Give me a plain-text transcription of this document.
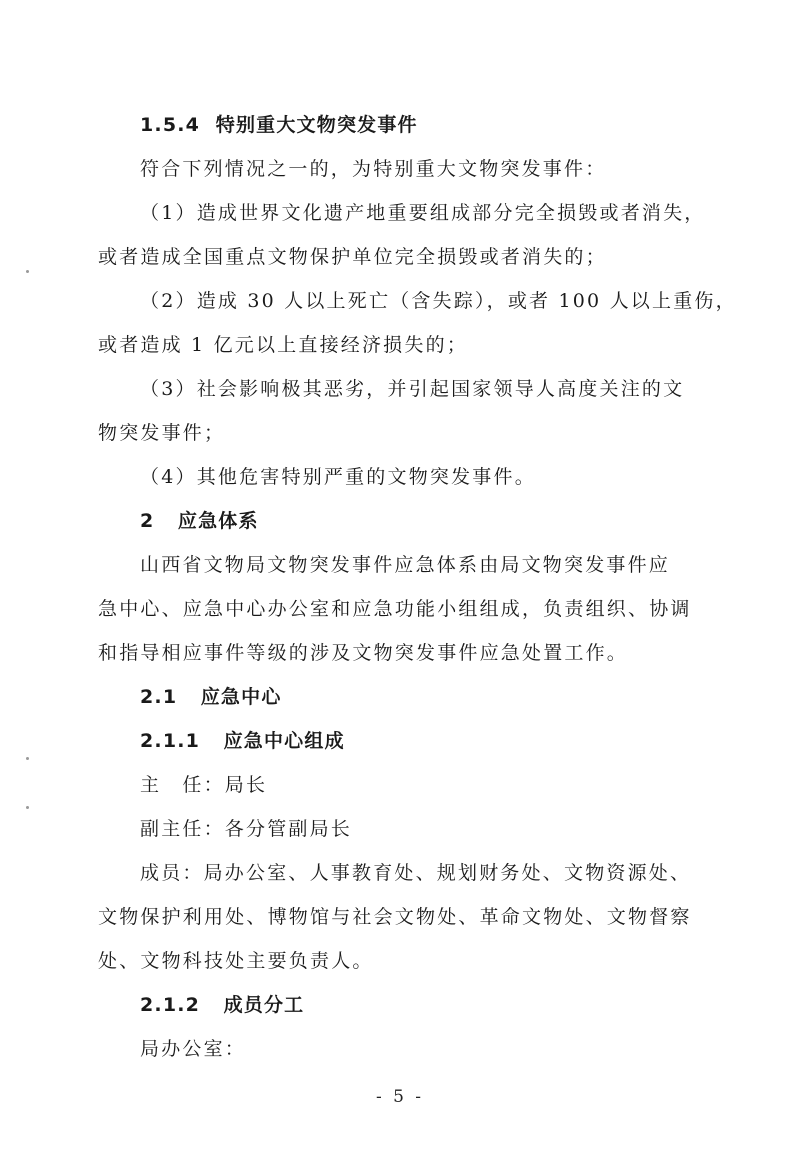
1.5.4 特别重大文物突发事件
符合下列情况之一的，为特别重大文物突发事件：
（1）造成世界文化遗产地重要组成部分完全损毁或者消失，
或者造成全国重点文物保护单位完全损毁或者消失的；
（2）造成 30 人以上死亡（含失踪），或者 100 人以上重伤，
或者造成 1 亿元以上直接经济损失的；
（3）社会影响极其恶劣，并引起国家领导人高度关注的文
物突发事件；
（4）其他危害特别严重的文物突发事件。
2 应急体系
山西省文物局文物突发事件应急体系由局文物突发事件应
急中心、应急中心办公室和应急功能小组组成，负责组织、协调
和指导相应事件等级的涉及文物突发事件应急处置工作。
2.1 应急中心
2.1.1 应急中心组成
主　任：局长
副主任：各分管副局长
成员：局办公室、人事教育处、规划财务处、文物资源处、
文物保护利用处、博物馆与社会文物处、革命文物处、文物督察
处、文物科技处主要负责人。
2.1.2 成员分工
局办公室：
- 5 -
